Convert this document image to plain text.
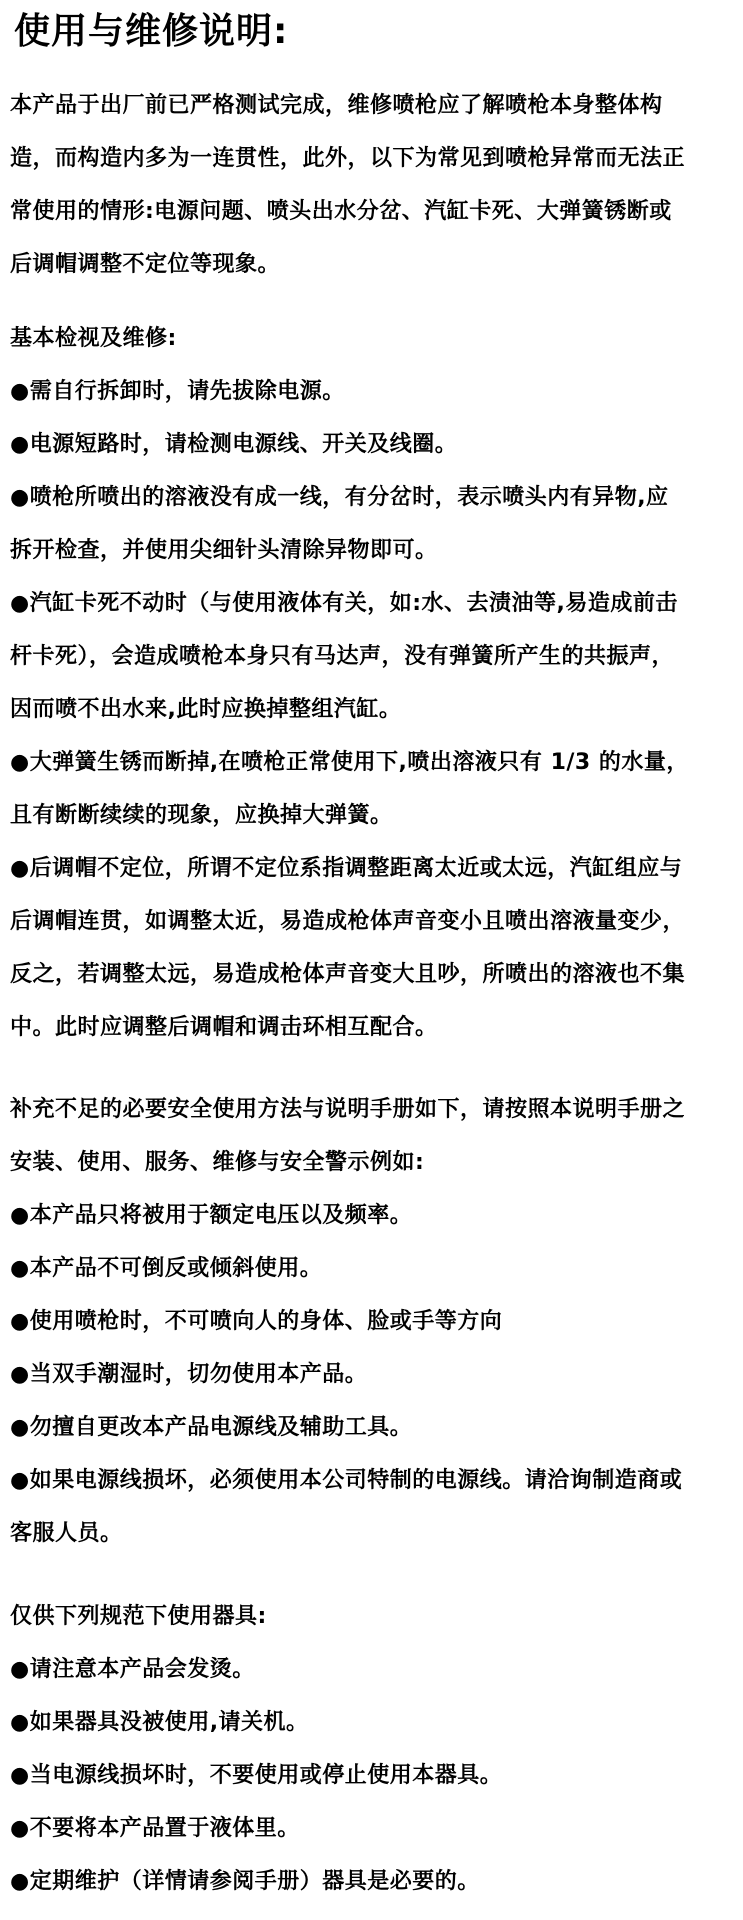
使用与维修说明:
本产品于出厂前已严格测试完成，维修喷枪应了解喷枪本身整体构
造，而构造内多为一连贯性，此外，以下为常见到喷枪异常而无法正
常使用的情形:电源问题、喷头出水分岔、汽缸卡死、大弹簧锈断或
后调帽调整不定位等现象。
基本检视及维修:
●需自行拆卸时，请先拔除电源。
●电源短路时，请检测电源线、开关及线圈。
●喷枪所喷出的溶液没有成一线，有分岔时，表示喷头内有异物,应
拆开检查，并使用尖细针头清除异物即可。
●汽缸卡死不动时（与使用液体有关，如:水、去渍油等,易造成前击
杆卡死），会造成喷枪本身只有马达声，没有弹簧所产生的共振声，
因而喷不出水来,此时应换掉整组汽缸。
●大弹簧生锈而断掉,在喷枪正常使用下,喷出溶液只有 1/3 的水量，
且有断断续续的现象，应换掉大弹簧。
●后调帽不定位，所谓不定位系指调整距离太近或太远，汽缸组应与
后调帽连贯，如调整太近，易造成枪体声音变小且喷出溶液量变少，
反之，若调整太远，易造成枪体声音变大且吵，所喷出的溶液也不集
中。此时应调整后调帽和调击环相互配合。
补充不足的必要安全使用方法与说明手册如下，请按照本说明手册之
安装、使用、服务、维修与安全警示例如:
●本产品只将被用于额定电压以及频率。
●本产品不可倒反或倾斜使用。
●使用喷枪时，不可喷向人的身体、脸或手等方向
●当双手潮湿时，切勿使用本产品。
●勿擅自更改本产品电源线及辅助工具。
●如果电源线损坏，必须使用本公司特制的电源线。请洽询制造商或
客服人员。
仅供下列规范下使用器具:
●请注意本产品会发烫。
●如果器具没被使用,请关机。
●当电源线损坏时，不要使用或停止使用本器具。
●不要将本产品置于液体里。
●定期维护（详情请参阅手册）器具是必要的。
